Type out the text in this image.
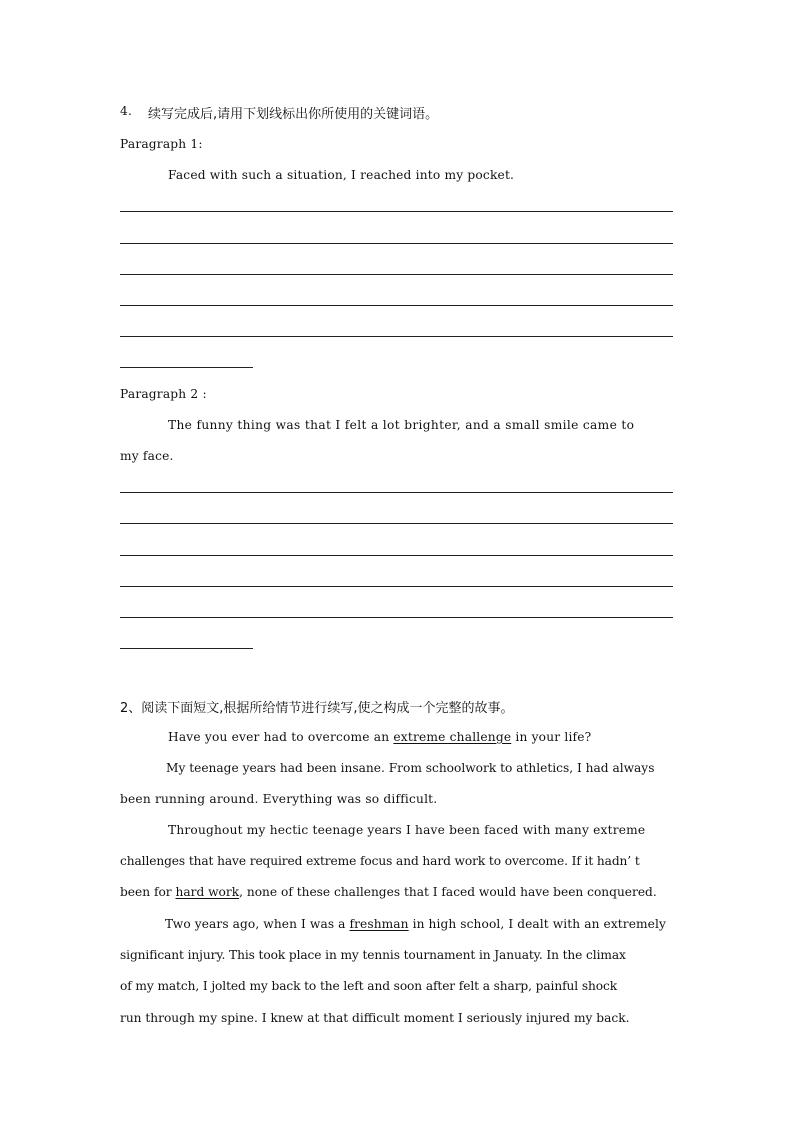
4. 续写完成后,请用下划线标出你所使用的关键词语。
Paragraph 1:
Faced with such a situation, I reached into my pocket.
Paragraph 2 :
The funny thing was that I felt a lot brighter, and a small smile came to
my face.
2、阅读下面短文,根据所给情节进行续写,使之构成一个完整的故事。
Have you ever had to overcome an extreme challenge in your life?
My teenage years had been insane. From schoolwork to athletics, I had always
been running around. Everything was so difficult.
Throughout my hectic teenage years I have been faced with many extreme
challenges that have required extreme focus and hard work to overcome. If it hadn’ t
been for hard work, none of these challenges that I faced would have been conquered.
Two years ago, when I was a freshman in high school, I dealt with an extremely
significant injury. This took place in my tennis tournament in Januaty. In the climax
of my match, I jolted my back to the left and soon after felt a sharp, painful shock
run through my spine. I knew at that difficult moment I seriously injured my back.
